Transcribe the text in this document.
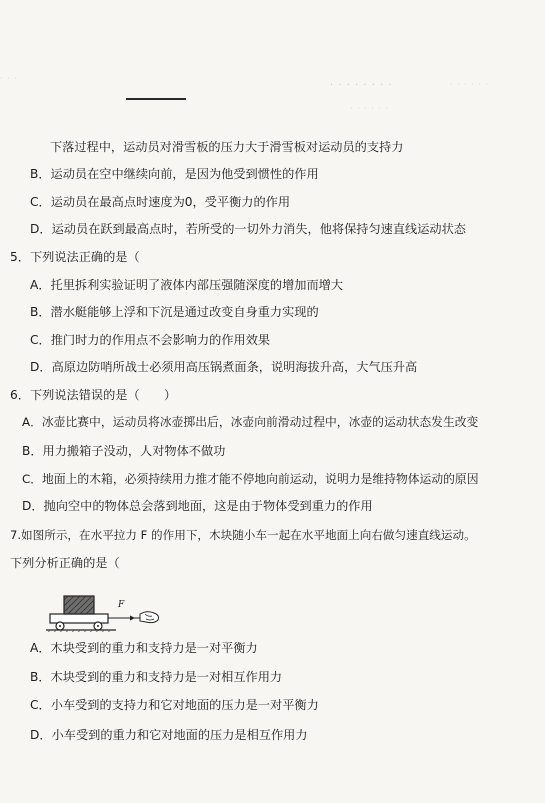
· · · · · · · ·
· · ·
· · · · · ·
· · · · · ·
下落过程中，运动员对滑雪板的压力大于滑雪板对运动员的支持力
B．运动员在空中继续向前，是因为他受到惯性的作用
C．运动员在最高点时速度为0，受平衡力的作用
D．运动员在跃到最高点时，若所受的一切外力消失，他将保持匀速直线运动状态
5．下列说法正确的是（
A．托里拆利实验证明了液体内部压强随深度的增加而增大
B．潜水艇能够上浮和下沉是通过改变自身重力实现的
C．推门时力的作用点不会影响力的作用效果
D．高原边防哨所战士必须用高压锅煮面条，说明海拔升高，大气压升高
6．下列说法错误的是（　　）
A．冰壶比赛中，运动员将冰壶掷出后，冰壶向前滑动过程中，冰壶的运动状态发生改变
B．用力搬箱子没动，人对物体不做功
C．地面上的木箱，必须持续用力推才能不停地向前运动，说明力是维持物体运动的原因
D．抛向空中的物体总会落到地面，这是由于物体受到重力的作用
7.如图所示，在水平拉力 F 的作用下，木块随小车一起在水平地面上向右做匀速直线运动。
下列分析正确的是（
F
A．木块受到的重力和支持力是一对平衡力
B．木块受到的重力和支持力是一对相互作用力
C．小车受到的支持力和它对地面的压力是一对平衡力
D．小车受到的重力和它对地面的压力是相互作用力
